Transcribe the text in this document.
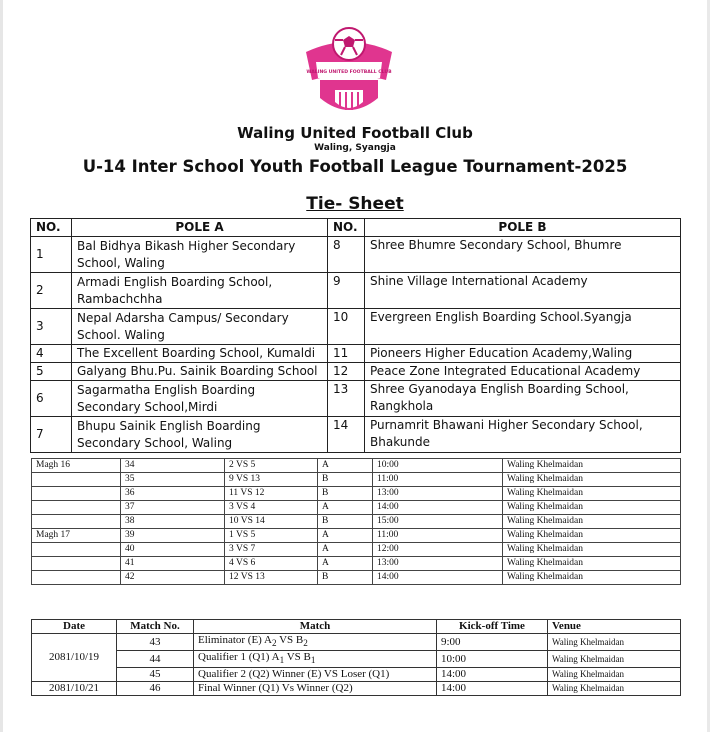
WALING UNITED FOOTBALL CLUB
Waling United Football Club
Waling, Syangja
U-14 Inter School Youth Football League Tournament-2025
Tie- Sheet
NO.	POLE A	NO.	POLE B
1	Bal Bidhya Bikash Higher Secondary School, Waling	8	Shree Bhumre Secondary School, Bhumre
2	Armadi English Boarding School, Rambachchha	9	Shine Village International Academy
3	Nepal Adarsha Campus/ Secondary School. Waling	10	Evergreen English Boarding School.Syangja
4	The Excellent Boarding School, Kumaldi	11	Pioneers Higher Education Academy,Waling
5	Galyang Bhu.Pu. Sainik Boarding School	12	Peace Zone Integrated Educational Academy
6	Sagarmatha English Boarding Secondary School,Mirdi	13	Shree Gyanodaya English Boarding School, Rangkhola
7	Bhupu Sainik English Boarding Secondary School, Waling	14	Purnamrit Bhawani Higher Secondary School, Bhakunde
Magh 16	34	2 VS 5	A	10:00	Waling Khelmaidan
	35	9 VS 13	B	11:00	Waling Khelmaidan
	36	11 VS 12	B	13:00	Waling Khelmaidan
	37	3 VS 4	A	14:00	Waling Khelmaidan
	38	10 VS 14	B	15:00	Waling Khelmaidan
Magh 17	39	1 VS 5	A	11:00	Waling Khelmaidan
	40	3 VS 7	A	12:00	Waling Khelmaidan
	41	4 VS 6	A	13:00	Waling Khelmaidan
	42	12 VS 13	B	14:00	Waling Khelmaidan
Date	Match No.	Match	Kick-off Time	Venue
2081/10/19	43	Eliminator (E) $A_2$ VS $B_2$	9:00	Waling Khelmaidan
	44	Qualifier 1 (Q1) $A_1$ VS $B_1$	10:00	Waling Khelmaidan
	45	Qualifier 2 (Q2) Winner (E) VS Loser (Q1)	14:00	Waling Khelmaidan
2081/10/21	46	Final Winner (Q1) Vs Winner (Q2)	14:00	Waling Khelmaidan
